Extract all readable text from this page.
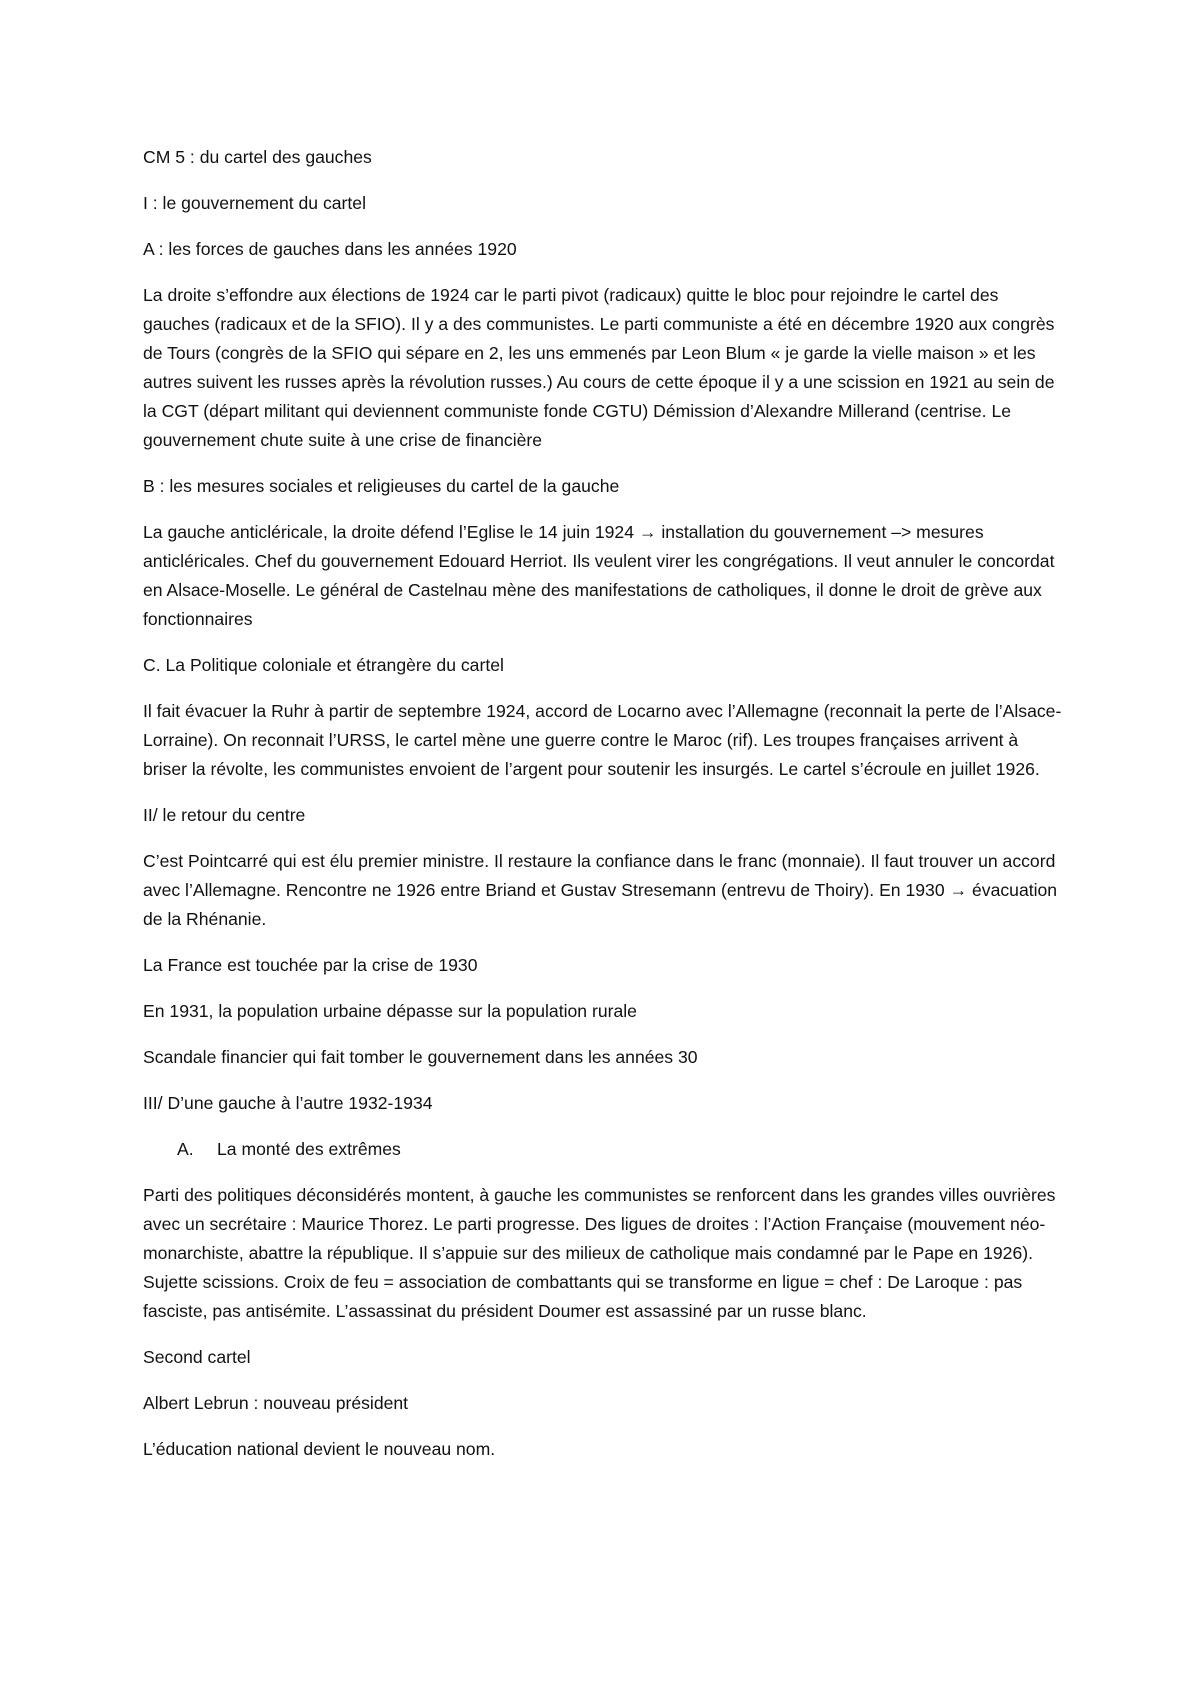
CM 5 : du cartel des gauches

I : le gouvernement du cartel

A : les forces de gauches dans les années 1920

La droite s’effondre aux élections de 1924 car le parti pivot (radicaux) quitte le bloc pour rejoindre le cartel des gauches (radicaux et de la SFIO). Il y a des communistes. Le parti communiste a été en décembre 1920 aux congrès de Tours (congrès de la SFIO qui sépare en 2, les uns emmenés par Leon Blum « je garde la vielle maison » et les autres suivent les russes après la révolution russes.) Au cours de cette époque il y a une scission en 1921 au sein de la CGT (départ militant qui deviennent communiste fonde CGTU) Démission d’Alexandre Millerand (centrise. Le gouvernement chute suite à une crise de financière

B : les mesures sociales et religieuses du cartel de la gauche

La gauche anticléricale, la droite défend l’Eglise le 14 juin 1924 → installation du gouvernement –> mesures anticléricales. Chef du gouvernement Edouard Herriot. Ils veulent virer les congrégations. Il veut annuler le concordat en Alsace-Moselle. Le général de Castelnau mène des manifestations de catholiques, il donne le droit de grève aux fonctionnaires

C. La Politique coloniale et étrangère du cartel

Il fait évacuer la Ruhr à partir de septembre 1924, accord de Locarno avec l’Allemagne (reconnait la perte de l’Alsace-Lorraine). On reconnait l’URSS, le cartel mène une guerre contre le Maroc (rif). Les troupes françaises arrivent à briser la révolte, les communistes envoient de l’argent pour soutenir les insurgés. Le cartel s’écroule en juillet 1926.

II/ le retour du centre

C’est Pointcarré qui est élu premier ministre. Il restaure la confiance dans le franc (monnaie). Il faut trouver un accord avec l’Allemagne. Rencontre ne 1926 entre Briand et Gustav Stresemann (entrevu de Thoiry). En 1930 → évacuation de la Rhénanie.

La France est touchée par la crise de 1930

En 1931, la population urbaine dépasse sur la population rurale

Scandale financier qui fait tomber le gouvernement dans les années 30

III/ D’une gauche à l’autre 1932-1934

A.	La monté des extrêmes

Parti des politiques déconsidérés montent, à gauche les communistes se renforcent dans les grandes villes ouvrières avec un secrétaire : Maurice Thorez. Le parti progresse. Des ligues de droites : l’Action Française (mouvement néo-monarchiste, abattre la république. Il s’appuie sur des milieux de catholique mais condamné par le Pape en 1926). Sujette scissions. Croix de feu = association de combattants qui se transforme en ligue = chef : De Laroque : pas fasciste, pas antisémite. L’assassinat du président Doumer est assassiné par un russe blanc.

Second cartel

Albert Lebrun : nouveau président

L’éducation national devient le nouveau nom.
